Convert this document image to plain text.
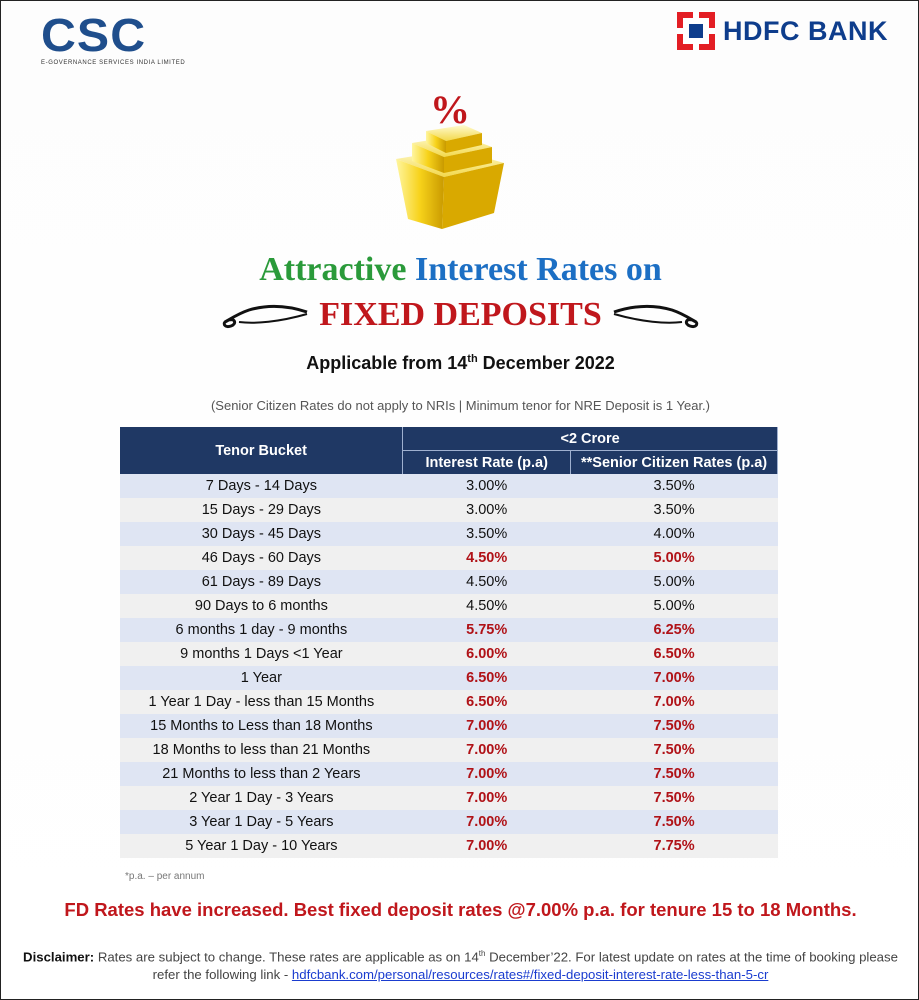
CSC
E-GOVERNANCE SERVICES INDIA LIMITED
HDFC BANK
%
Attractive Interest Rates on
FIXED DEPOSITS
Applicable from 14th December 2022
(Senior Citizen Rates do not apply to NRIs | Minimum tenor for NRE Deposit is 1 Year.)
Tenor Bucket	<2 Crore	
	Interest Rate (p.a)	**Senior Citizen Rates (p.a)
7 Days - 14 Days	3.00%	3.50%
15 Days - 29 Days	3.00%	3.50%
30 Days - 45 Days	3.50%	4.00%
46 Days - 60 Days	4.50%	5.00%
61 Days - 89 Days	4.50%	5.00%
90 Days to 6 months	4.50%	5.00%
6 months 1 day - 9 months	5.75%	6.25%
9 months 1 Days <1 Year	6.00%	6.50%
1 Year	6.50%	7.00%
1 Year 1 Day - less than 15 Months	6.50%	7.00%
15 Months to Less than 18 Months	7.00%	7.50%
18 Months to less than 21 Months	7.00%	7.50%
21 Months to less than 2 Years	7.00%	7.50%
2 Year 1 Day - 3 Years	7.00%	7.50%
3 Year 1 Day - 5 Years	7.00%	7.50%
5 Year 1 Day - 10 Years	7.00%	7.75%
*p.a. – per annum
FD Rates have increased. Best fixed deposit rates @7.00% p.a. for tenure 15 to 18 Months.
Disclaimer: Rates are subject to change. These rates are applicable as on 14th December’22. For latest update on rates at the time of booking please refer the following link - hdfcbank.com/personal/resources/rates#/fixed-deposit-interest-rate-less-than-5-cr
